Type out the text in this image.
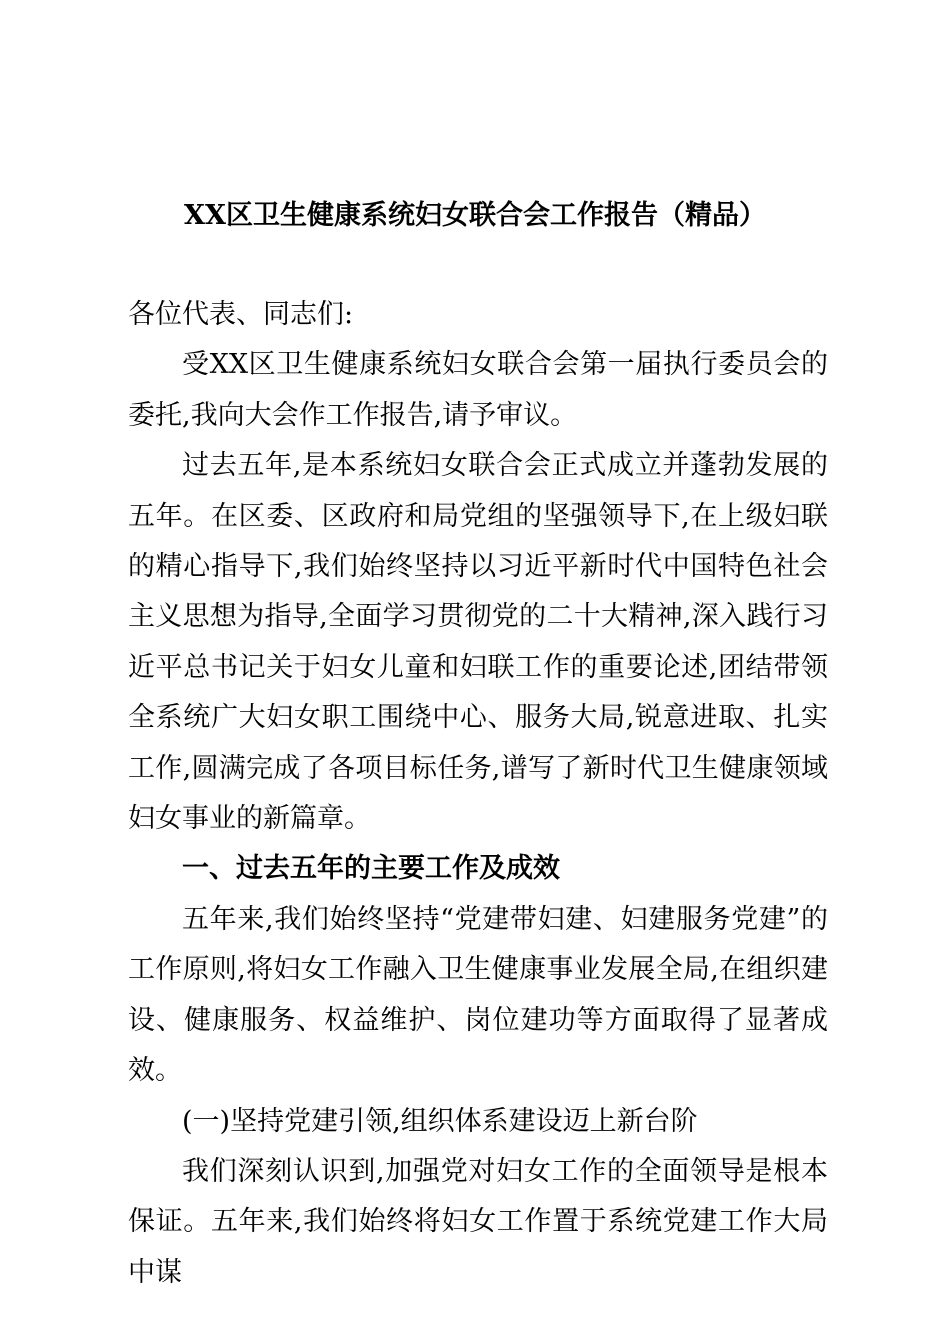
XX区卫生健康系统妇女联合会工作报告（精品）

各位代表、同志们:

受XX区卫生健康系统妇女联合会第一届执行委员会的委托,我向大会作工作报告,请予审议。

过去五年,是本系统妇女联合会正式成立并蓬勃发展的五年。在区委、区政府和局党组的坚强领导下,在上级妇联的精心指导下,我们始终坚持以习近平新时代中国特色社会主义思想为指导,全面学习贯彻党的二十大精神,深入践行习近平总书记关于妇女儿童和妇联工作的重要论述,团结带领全系统广大妇女职工围绕中心、服务大局,锐意进取、扎实工作,圆满完成了各项目标任务,谱写了新时代卫生健康领域妇女事业的新篇章。

一、过去五年的主要工作及成效

五年来,我们始终坚持“党建带妇建、妇建服务党建”的工作原则,将妇女工作融入卫生健康事业发展全局,在组织建设、健康服务、权益维护、岗位建功等方面取得了显著成效。

(一)坚持党建引领,组织体系建设迈上新台阶

我们深刻认识到,加强党对妇女工作的全面领导是根本保证。五年来,我们始终将妇女工作置于系统党建工作大局中谋
